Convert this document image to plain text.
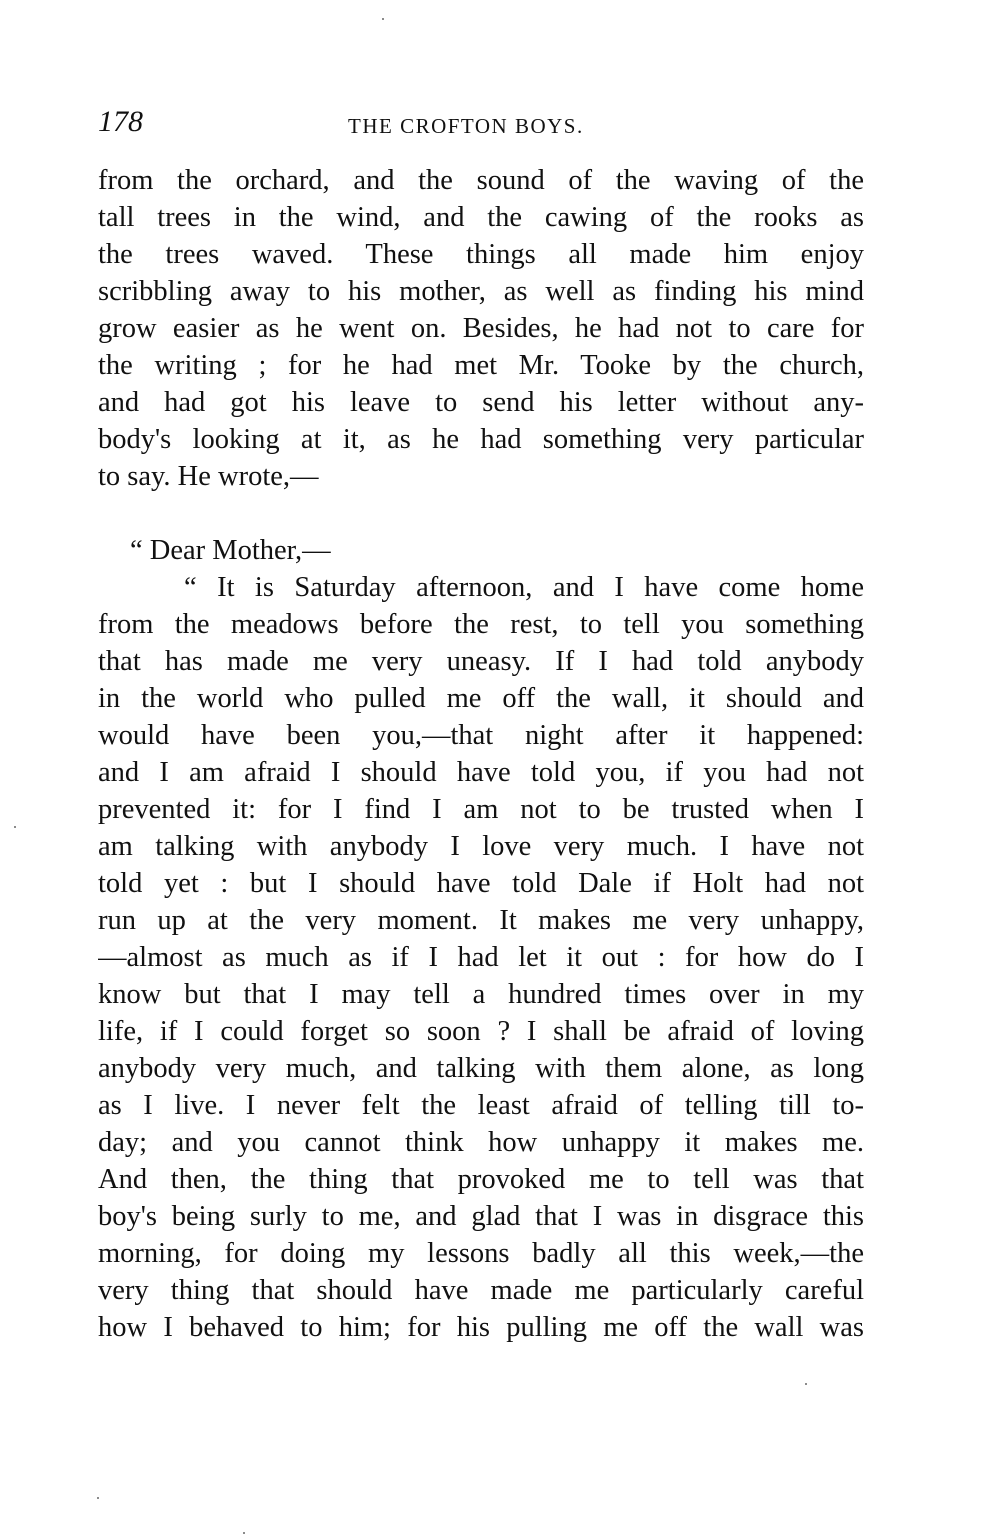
178	THE CROFTON BOYS.
from the orchard, and the sound of the waving of the
tall trees in the wind, and the cawing of the rooks as
the trees waved. These things all made him enjoy
scribbling away to his mother, as well as finding his mind
grow easier as he went on. Besides, he had not to care for
the writing ; for he had met Mr. Tooke by the church,
and had got his leave to send his letter without any-
body's looking at it, as he had something very particular
to say. He wrote,—
“ Dear Mother,—
“ It is Saturday afternoon, and I have come home
from the meadows before the rest, to tell you something
that has made me very uneasy. If I had told anybody
in the world who pulled me off the wall, it should and
would have been you,—that night after it happened:
and I am afraid I should have told you, if you had not
prevented it: for I find I am not to be trusted when I
am talking with anybody I love very much. I have not
told yet : but I should have told Dale if Holt had not
run up at the very moment. It makes me very unhappy,
—almost as much as if I had let it out : for how do I
know but that I may tell a hundred times over in my
life, if I could forget so soon ? I shall be afraid of loving
anybody very much, and talking with them alone, as long
as I live. I never felt the least afraid of telling till to-
day; and you cannot think how unhappy it makes me.
And then, the thing that provoked me to tell was that
boy's being surly to me, and glad that I was in disgrace this
morning, for doing my lessons badly all this week,—the
very thing that should have made me particularly careful
how I behaved to him; for his pulling me off the wall was
